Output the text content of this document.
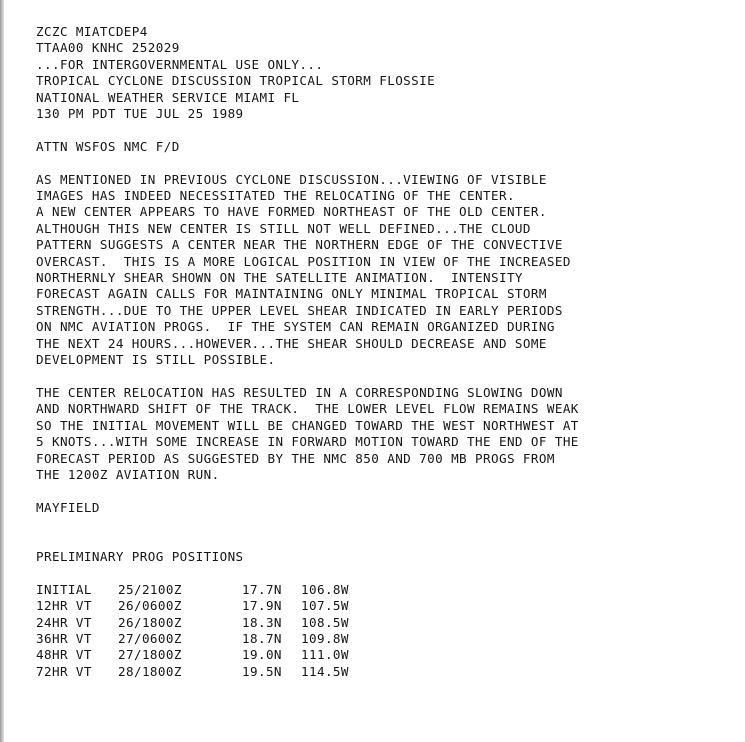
ZCZC MIATCDEP4
TTAA00 KNHC 252029
...FOR INTERGOVERNMENTAL USE ONLY...
TROPICAL CYCLONE DISCUSSION TROPICAL STORM FLOSSIE
NATIONAL WEATHER SERVICE MIAMI FL
130 PM PDT TUE JUL 25 1989
ATTN WSFOS NMC F/D
AS MENTIONED IN PREVIOUS CYCLONE DISCUSSION...VIEWING OF VISIBLE
IMAGES HAS INDEED NECESSITATED THE RELOCATING OF THE CENTER.
A NEW CENTER APPEARS TO HAVE FORMED NORTHEAST OF THE OLD CENTER.
ALTHOUGH THIS NEW CENTER IS STILL NOT WELL DEFINED...THE CLOUD
PATTERN SUGGESTS A CENTER NEAR THE NORTHERN EDGE OF THE CONVECTIVE
OVERCAST.  THIS IS A MORE LOGICAL POSITION IN VIEW OF THE INCREASED
NORTHERNLY SHEAR SHOWN ON THE SATELLITE ANIMATION.  INTENSITY
FORECAST AGAIN CALLS FOR MAINTAINING ONLY MINIMAL TROPICAL STORM
STRENGTH...DUE TO THE UPPER LEVEL SHEAR INDICATED IN EARLY PERIODS
ON NMC AVIATION PROGS.  IF THE SYSTEM CAN REMAIN ORGANIZED DURING
THE NEXT 24 HOURS...HOWEVER...THE SHEAR SHOULD DECREASE AND SOME
DEVELOPMENT IS STILL POSSIBLE.
THE CENTER RELOCATION HAS RESULTED IN A CORRESPONDING SLOWING DOWN
AND NORTHWARD SHIFT OF THE TRACK.  THE LOWER LEVEL FLOW REMAINS WEAK
SO THE INITIAL MOVEMENT WILL BE CHANGED TOWARD THE WEST NORTHWEST AT
5 KNOTS...WITH SOME INCREASE IN FORWARD MOTION TOWARD THE END OF THE
FORECAST PERIOD AS SUGGESTED BY THE NMC 850 AND 700 MB PROGS FROM
THE 1200Z AVIATION RUN.
MAYFIELD
PRELIMINARY PROG POSITIONS
INITIAL	25/2100Z	17.7N	106.8W
12HR VT	26/0600Z	17.9N	107.5W
24HR VT	26/1800Z	18.3N	108.5W
36HR VT	27/0600Z	18.7N	109.8W
48HR VT	27/1800Z	19.0N	111.0W
72HR VT	28/1800Z	19.5N	114.5W
